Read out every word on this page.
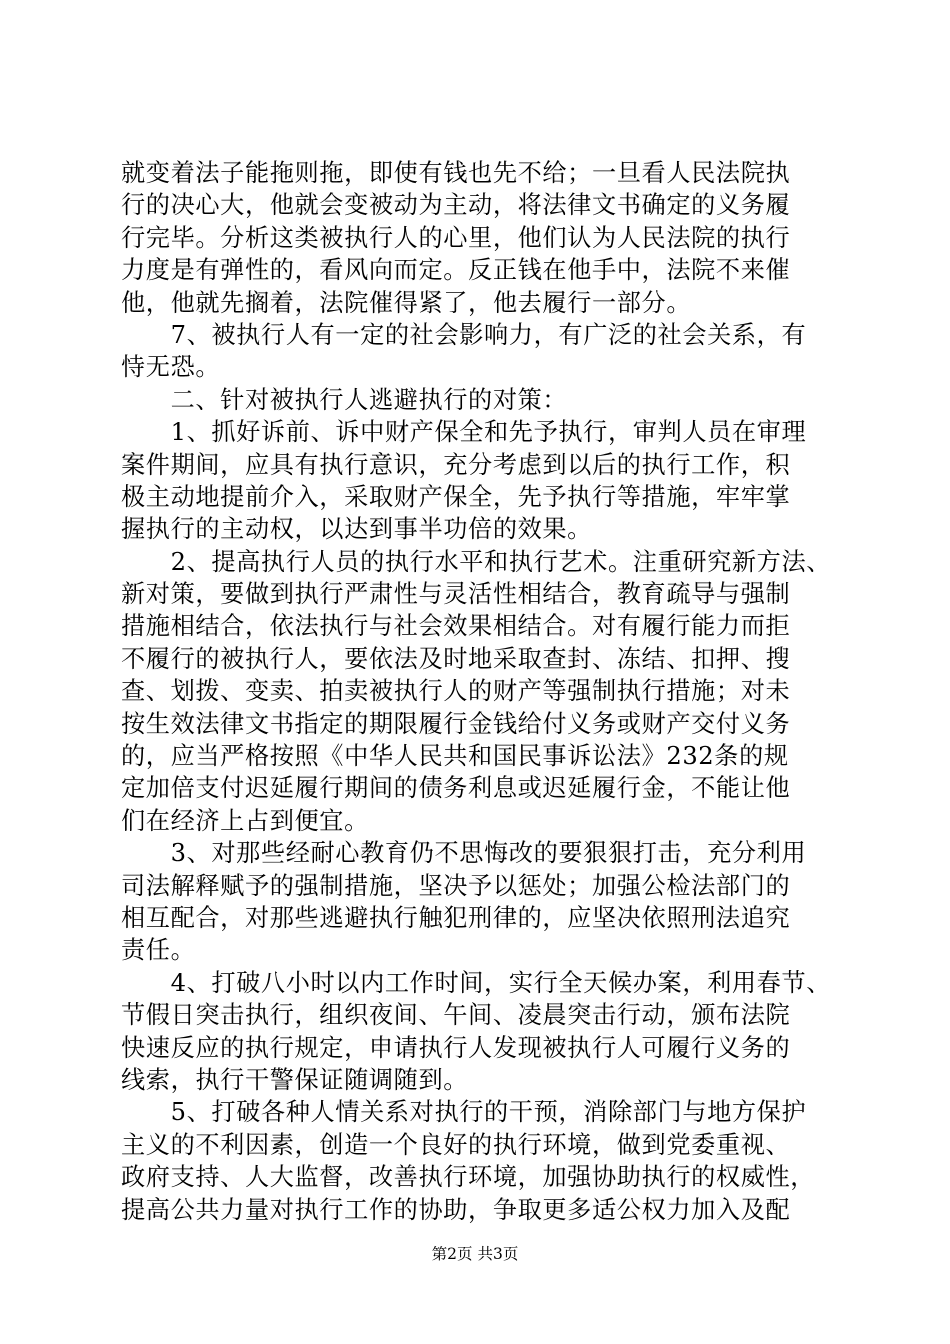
就变着法子能拖则拖，即使有钱也先不给；一旦看人民法院执
行的决心大，他就会变被动为主动，将法律文书确定的义务履
行完毕。分析这类被执行人的心里，他们认为人民法院的执行
力度是有弹性的，看风向而定。反正钱在他手中，法院不来催
他，他就先搁着，法院催得紧了，他去履行一部分。
　　7、被执行人有一定的社会影响力，有广泛的社会关系，有
恃无恐。
　　二、针对被执行人逃避执行的对策：
　　1、抓好诉前、诉中财产保全和先予执行，审判人员在审理
案件期间，应具有执行意识，充分考虑到以后的执行工作，积
极主动地提前介入，采取财产保全，先予执行等措施，牢牢掌
握执行的主动权，以达到事半功倍的效果。
　　2、提高执行人员的执行水平和执行艺术。注重研究新方法、
新对策，要做到执行严肃性与灵活性相结合，教育疏导与强制
措施相结合，依法执行与社会效果相结合。对有履行能力而拒
不履行的被执行人，要依法及时地采取查封、冻结、扣押、搜
查、划拨、变卖、拍卖被执行人的财产等强制执行措施；对未
按生效法律文书指定的期限履行金钱给付义务或财产交付义务
的，应当严格按照《中华人民共和国民事诉讼法》232条的规
定加倍支付迟延履行期间的债务利息或迟延履行金，不能让他
们在经济上占到便宜。
　　3、对那些经耐心教育仍不思悔改的要狠狠打击，充分利用
司法解释赋予的强制措施，坚决予以惩处；加强公检法部门的
相互配合，对那些逃避执行触犯刑律的，应坚决依照刑法追究
责任。
　　4、打破八小时以内工作时间，实行全天候办案，利用春节、
节假日突击执行，组织夜间、午间、凌晨突击行动，颁布法院
快速反应的执行规定，申请执行人发现被执行人可履行义务的
线索，执行干警保证随调随到。
　　5、打破各种人情关系对执行的干预，消除部门与地方保护
主义的不利因素，创造一个良好的执行环境，做到党委重视、
政府支持、人大监督，改善执行环境，加强协助执行的权威性，
提高公共力量对执行工作的协助，争取更多适公权力加入及配
第2页 共3页
